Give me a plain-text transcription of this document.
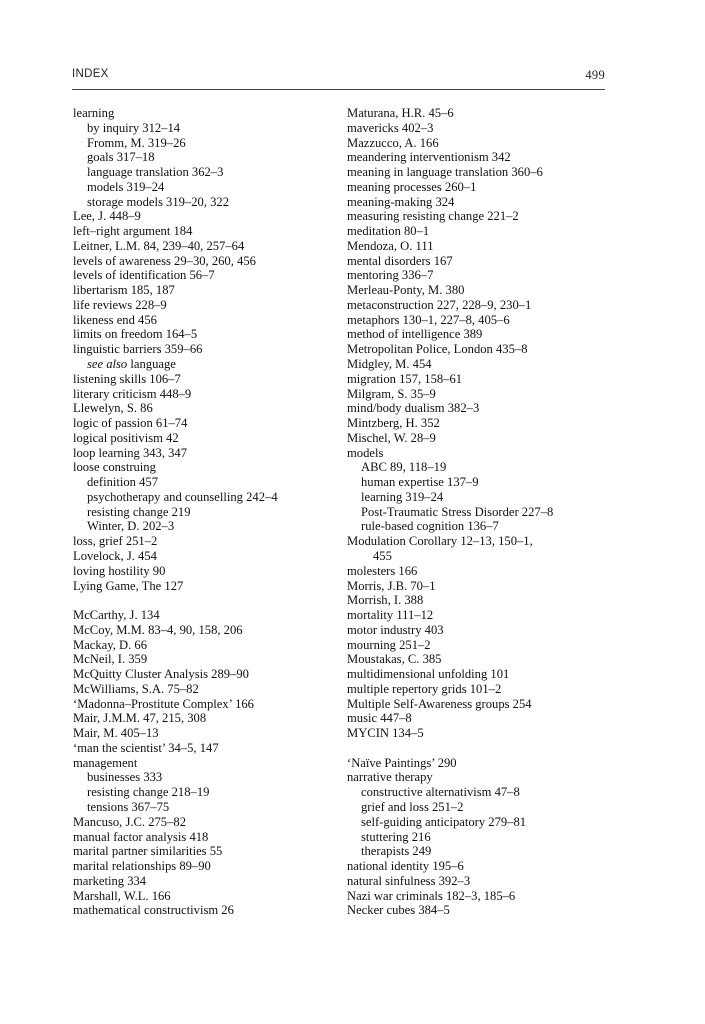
INDEX	499
learning
by inquiry 312–14
Fromm, M. 319–26
goals 317–18
language translation 362–3
models 319–24
storage models 319–20, 322
Lee, J. 448–9
left–right argument 184
Leitner, L.M. 84, 239–40, 257–64
levels of awareness 29–30, 260, 456
levels of identification 56–7
libertarism 185, 187
life reviews 228–9
likeness end 456
limits on freedom 164–5
linguistic barriers 359–66
see also language
listening skills 106–7
literary criticism 448–9
Llewelyn, S. 86
logic of passion 61–74
logical positivism 42
loop learning 343, 347
loose construing
definition 457
psychotherapy and counselling 242–4
resisting change 219
Winter, D. 202–3
loss, grief 251–2
Lovelock, J. 454
loving hostility 90
Lying Game, The 127
McCarthy, J. 134
McCoy, M.M. 83–4, 90, 158, 206
Mackay, D. 66
McNeil, I. 359
McQuitty Cluster Analysis 289–90
McWilliams, S.A. 75–82
‘Madonna–Prostitute Complex’ 166
Mair, J.M.M. 47, 215, 308
Mair, M. 405–13
‘man the scientist’ 34–5, 147
management
businesses 333
resisting change 218–19
tensions 367–75
Mancuso, J.C. 275–82
manual factor analysis 418
marital partner similarities 55
marital relationships 89–90
marketing 334
Marshall, W.L. 166
mathematical constructivism 26
Maturana, H.R. 45–6
mavericks 402–3
Mazzucco, A. 166
meandering interventionism 342
meaning in language translation 360–6
meaning processes 260–1
meaning-making 324
measuring resisting change 221–2
meditation 80–1
Mendoza, O. 111
mental disorders 167
mentoring 336–7
Merleau-Ponty, M. 380
metaconstruction 227, 228–9, 230–1
metaphors 130–1, 227–8, 405–6
method of intelligence 389
Metropolitan Police, London 435–8
Midgley, M. 454
migration 157, 158–61
Milgram, S. 35–9
mind/body dualism 382–3
Mintzberg, H. 352
Mischel, W. 28–9
models
ABC 89, 118–19
human expertise 137–9
learning 319–24
Post-Traumatic Stress Disorder 227–8
rule-based cognition 136–7
Modulation Corollary 12–13, 150–1,
455
molesters 166
Morris, J.B. 70–1
Morrish, I. 388
mortality 111–12
motor industry 403
mourning 251–2
Moustakas, C. 385
multidimensional unfolding 101
multiple repertory grids 101–2
Multiple Self-Awareness groups 254
music 447–8
MYCIN 134–5
‘Naïve Paintings’ 290
narrative therapy
constructive alternativism 47–8
grief and loss 251–2
self-guiding anticipatory 279–81
stuttering 216
therapists 249
national identity 195–6
natural sinfulness 392–3
Nazi war criminals 182–3, 185–6
Necker cubes 384–5
